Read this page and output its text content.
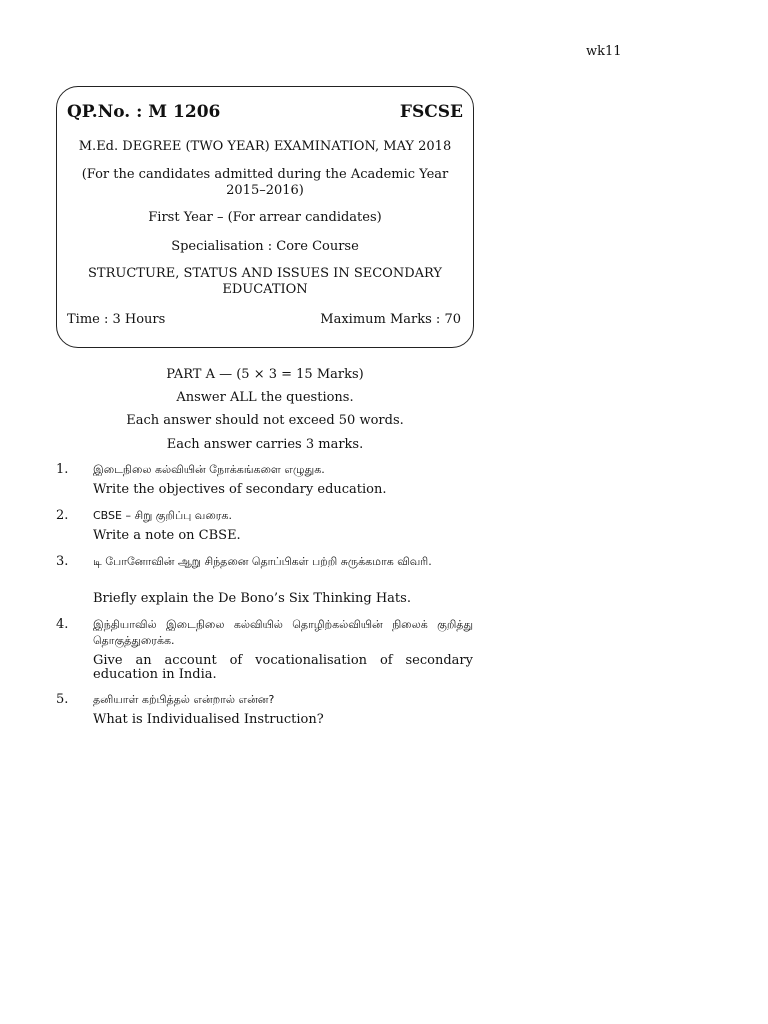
wk11
QP.No. : M 1206	FSCSE
M.Ed. DEGREE (TWO YEAR) EXAMINATION, MAY 2018
(For the candidates admitted during the Academic Year
2015–2016)
First Year – (For arrear candidates)
Specialisation : Core Course
STRUCTURE, STATUS AND ISSUES IN SECONDARY
EDUCATION
Time : 3 Hours	Maximum Marks : 70
PART A — (5 × 3 = 15 Marks)
Answer ALL the questions.
Each answer should not exceed 50 words.
Each answer carries 3 marks.
1. இடைநிலை கல்வியின் நோக்கங்களை எழுதுக.
Write the objectives of secondary education.
2. CBSE – சிறு குறிப்பு வரைக.
Write a note on CBSE.
3. டி போனோவின் ஆறு சிந்தனை தொப்பிகள் பற்றி சுருக்கமாக விவரி.
Briefly explain the De Bono’s Six Thinking Hats.
4. இந்தியாவில் இடைநிலை கல்வியில் தொழிற்கல்வியின் நிலைக் குறித்து தொகுத்துரைக்க.
Give an account of vocationalisation of secondary education in India.
5. தனியாள் கற்பித்தல் என்றால் என்ன?
What is Individualised Instruction?
